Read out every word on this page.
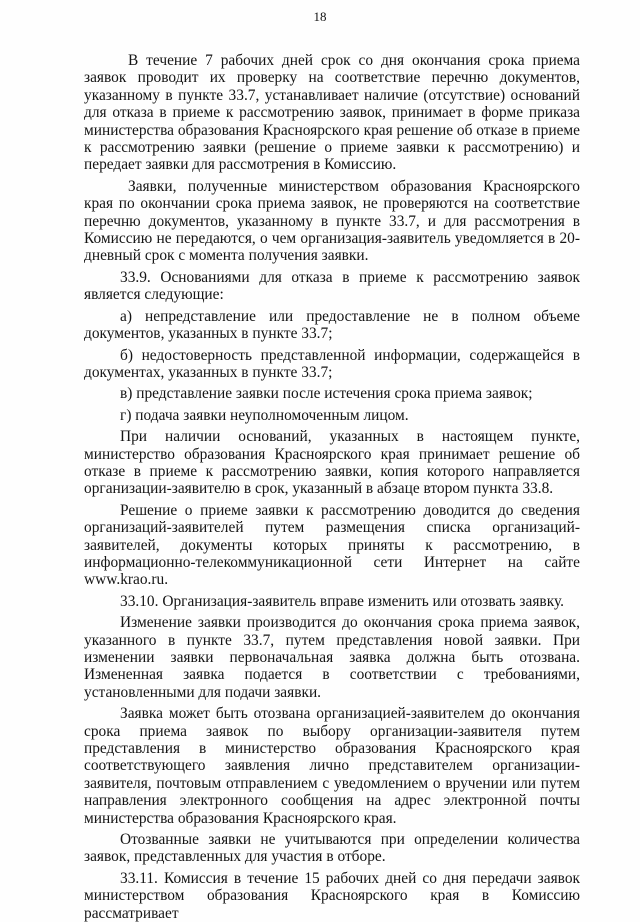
18

В течение 7 рабочих дней срок со дня окончания срока приема заявок проводит их проверку на соответствие перечню документов, указанному в пункте 33.7, устанавливает наличие (отсутствие) оснований для отказа в приеме к рассмотрению заявок, принимает в форме приказа министерства образования Красноярского края решение об отказе в приеме к рассмотрению заявки (решение о приеме заявки к рассмотрению) и передает заявки для рассмотрения в Комиссию.

Заявки, полученные министерством образования Красноярского края по окончании срока приема заявок, не проверяются на соответствие перечню документов, указанному в пункте 33.7, и для рассмотрения в Комиссию не передаются, о чем организация-заявитель уведомляется в 20-дневный срок с момента получения заявки.

33.9. Основаниями для отказа в приеме к рассмотрению заявок является следующие:

а) непредставление или предоставление не в полном объеме документов, указанных в пункте 33.7;

б) недостоверность представленной информации, содержащейся в документах, указанных в пункте 33.7;

в) представление заявки после истечения срока приема заявок;

г) подача заявки неуполномоченным лицом.

При наличии оснований, указанных в настоящем пункте, министерство образования Красноярского края принимает решение об отказе в приеме к рассмотрению заявки, копия которого направляется организации-заявителю в срок, указанный в абзаце втором пункта 33.8.

Решение о приеме заявки к рассмотрению доводится до сведения организаций-заявителей путем размещения списка организаций-заявителей, документы которых приняты к рассмотрению, в информационно-телекоммуникационной сети Интернет на сайте www.krao.ru.

33.10. Организация-заявитель вправе изменить или отозвать заявку.

Изменение заявки производится до окончания срока приема заявок, указанного в пункте 33.7, путем представления новой заявки. При изменении заявки первоначальная заявка должна быть отозвана. Измененная заявка подается в соответствии с требованиями, установленными для подачи заявки.

Заявка может быть отозвана организацией-заявителем до окончания срока приема заявок по выбору организации-заявителя путем представления в министерство образования Красноярского края соответствующего заявления лично представителем организации-заявителя, почтовым отправлением с уведомлением о вручении или путем направления электронного сообщения на адрес электронной почты министерства образования Красноярского края.

Отозванные заявки не учитываются при определении количества заявок, представленных для участия в отборе.

33.11. Комиссия в течение 15 рабочих дней со дня передачи заявок министерством образования Красноярского края в Комиссию рассматривает
